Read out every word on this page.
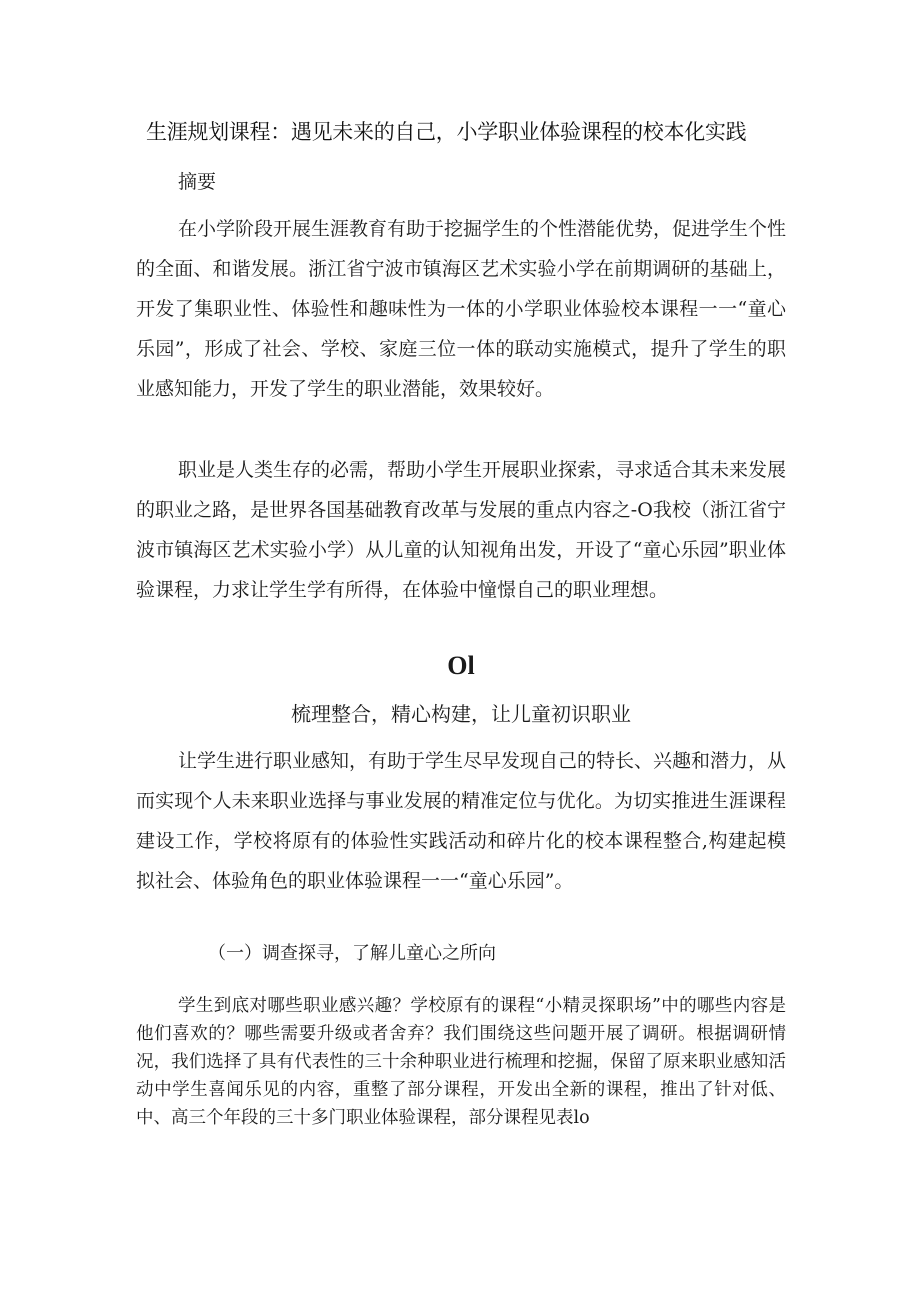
生涯规划课程：遇见未来的自己，小学职业体验课程的校本化实践
摘要

在小学阶段开展生涯教育有助于挖掘学生的个性潜能优势，促进学生个性的全面、和谐发展。浙江省宁波市镇海区艺术实验小学在前期调研的基础上，开发了集职业性、体验性和趣味性为一体的小学职业体验校本课程一一“童心乐园”，形成了社会、学校、家庭三位一体的联动实施模式，提升了学生的职业感知能力，开发了学生的职业潜能，效果较好。

职业是人类生存的必需，帮助小学生开展职业探索，寻求适合其未来发展的职业之路，是世界各国基础教育改革与发展的重点内容之-O我校（浙江省宁波市镇海区艺术实验小学）从儿童的认知视角出发，开设了“童心乐园”职业体验课程，力求让学生学有所得，在体验中憧憬自己的职业理想。

Ol
梳理整合，精心构建，让儿童初识职业

让学生进行职业感知，有助于学生尽早发现自己的特长、兴趣和潜力，从而实现个人未来职业选择与事业发展的精准定位与优化。为切实推进生涯课程建设工作，学校将原有的体验性实践活动和碎片化的校本课程整合,构建起模拟社会、体验角色的职业体验课程一一“童心乐园”。

（一）调查探寻，了解儿童心之所向

学生到底对哪些职业感兴趣？学校原有的课程“小精灵探职场”中的哪些内容是他们喜欢的？哪些需要升级或者舍弃？我们围绕这些问题开展了调研。根据调研情况，我们选择了具有代表性的三十余种职业进行梳理和挖掘，保留了原来职业感知活动中学生喜闻乐见的内容，重整了部分课程，开发出全新的课程，推出了针对低、中、高三个年段的三十多门职业体验课程，部分课程见表lo
